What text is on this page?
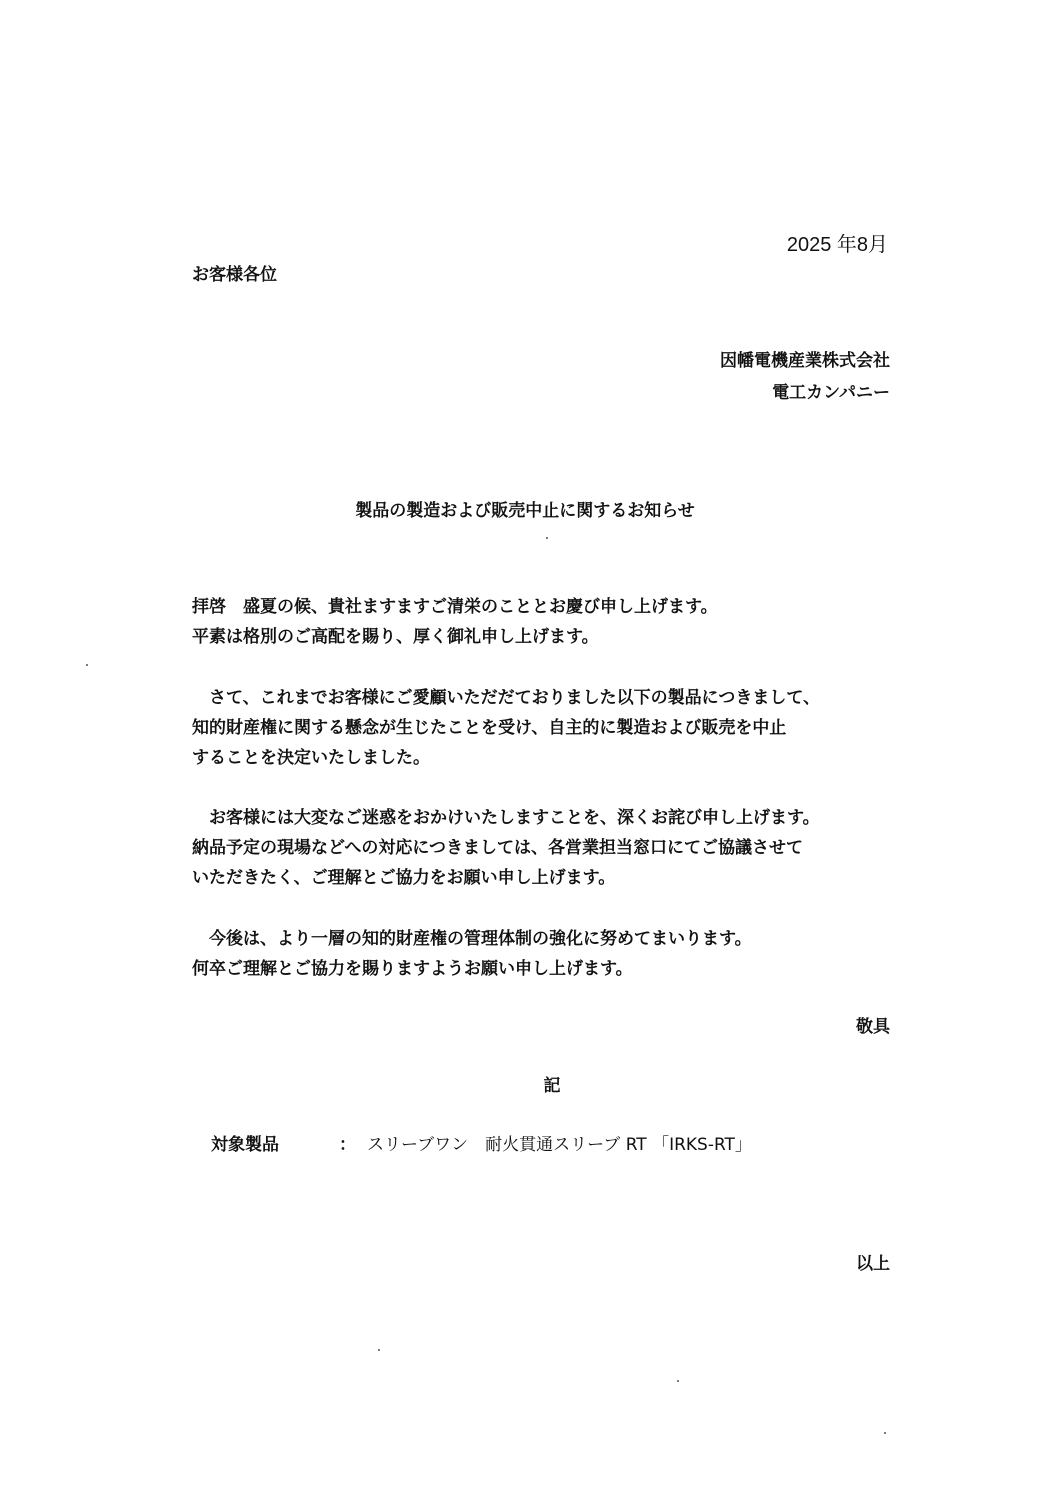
2025 年8月
お客様各位
因幡電機産業株式会社
電工カンパニー
製品の製造および販売中止に関するお知らせ
拝啓　盛夏の候、貴社ますますご清栄のこととお慶び申し上げます。
平素は格別のご高配を賜り、厚く御礼申し上げます。
　さて、これまでお客様にご愛顧いただだておりました以下の製品につきまして、
知的財産権に関する懸念が生じたことを受け、自主的に製造および販売を中止
することを決定いたしました。
　お客様には大変なご迷惑をおかけいたしますことを、深くお詫び申し上げます。
納品予定の現場などへの対応につきましては、各営業担当窓口にてご協議させて
いただきたく、ご理解とご協力をお願い申し上げます。
　今後は、より一層の知的財産権の管理体制の強化に努めてまいります。
何卒ご理解とご協力を賜りますようお願い申し上げます。
敬具
記
対象製品	： スリーブワン　耐火貫通スリーブ RT 「IRKS-RT」
以上
